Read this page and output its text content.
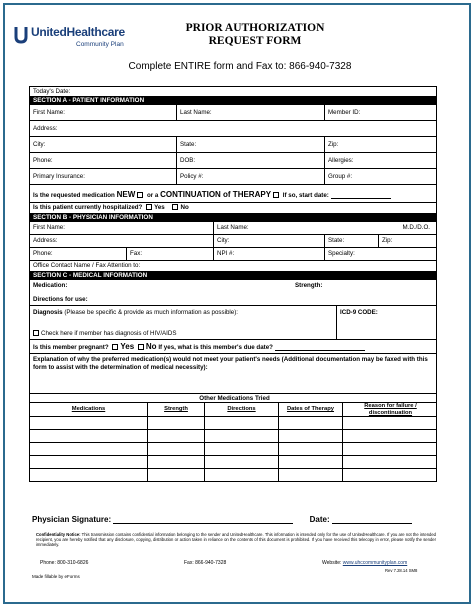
UnitedHealthcare
Community Plan
PRIOR AUTHORIZATION
REQUEST FORM
Complete ENTIRE form and Fax to: 866-940-7328
Today's Date:
SECTION A - PATIENT INFORMATION
First Name:	Last Name:	Member ID:
Address:
City:	State:	Zip:
Phone:	DOB:	Allergies:
Primary Insurance:	Policy #:	Group #:
Is the requested medication NEW or a CONTINUATION of THERAPY If so, start date:
Is this patient currently hospitalized? Yes	No
SECTION B - PHYSICIAN INFORMATION
First Name:	Last Name:	M.D./D.O.
Address:	City:	State:	Zip:
Phone:	Fax:	NPI #:	Specialty:
Office Contact Name / Fax Attention to:
SECTION C - MEDICAL INFORMATION
Medication:	Strength:
Directions for use:
Diagnosis (Please be specific & provide as much information as possible):
Check here if member has diagnosis of HIV/AIDS
ICD-9 CODE:
Is this member pregnant? Yes No If yes, what is this member's due date?
Explanation of why the preferred medication(s) would not meet your patient's needs (Additional documentation may be faxed with this form to assist with the determination of medical necessity):
Other Medications Tried
Medications	Strength	Directions	Dates of Therapy	Reason for failure / discontinuation
Physician Signature:	Date:
Confidentiality Notice: This transmission contains confidential information belonging to the sender and UnitedHealthcare. This information is intended only for the use of UnitedHealthcare. If you are not the intended recipient, you are hereby notified that any disclosure, copying, distribution or action taken in reliance on the contents of this document is prohibited. If you have received this telecopy in error, please notify the sender immediately.
Phone: 800-310-6826	Fax: 866-940-7328	Website: www.uhccommunityplan.com
Rev 7.28.14 SM8
Made fillable by eForms
